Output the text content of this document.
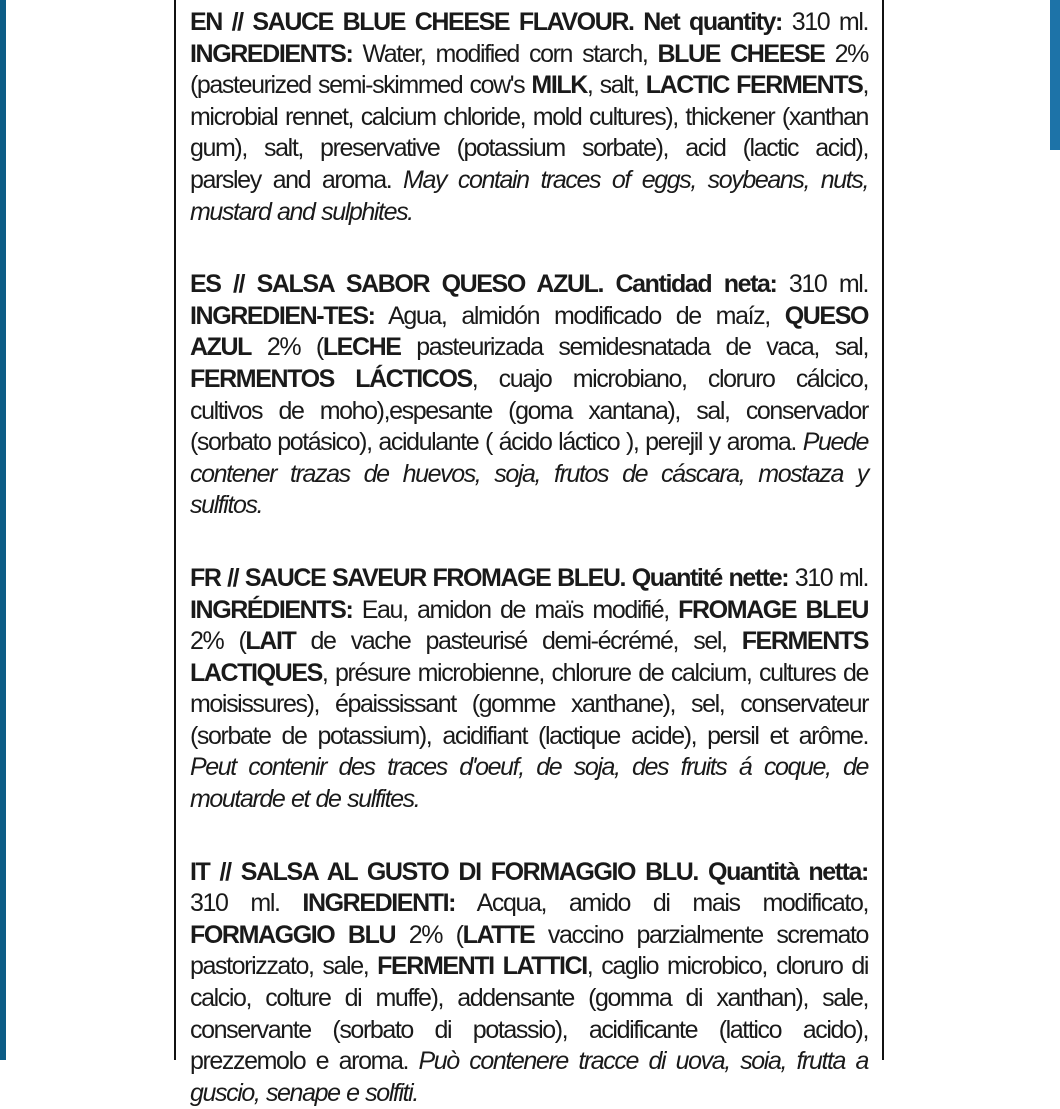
EN // SAUCE BLUE CHEESE FLAVOUR. Net quantity: 310 ml. INGREDIENTS: Water, modified corn starch, BLUE CHEESE 2% (pasteurized semi-skimmed cow's MILK, salt, LACTIC FERMENTS, microbial rennet, calcium chloride, mold cultures), thickener (xanthan gum), salt, preservative (potassium sorbate), acid (lactic acid), parsley and aroma. May contain traces of eggs, soybeans, nuts, mustard and sulphites.

ES // SALSA SABOR QUESO AZUL. Cantidad neta: 310 ml. INGREDIEN-TES: Agua, almidón modificado de maíz, QUESO AZUL 2% (LECHE pasteurizada semidesnatada de vaca, sal, FERMENTOS LÁCTICOS, cuajo microbiano, cloruro cálcico, cultivos de moho),espesante (goma xantana), sal, conservador (sorbato potásico), acidulante ( ácido láctico ), perejil y aroma. Puede contener trazas de huevos, soja, frutos de cáscara, mostaza y sulfitos.

FR // SAUCE SAVEUR FROMAGE BLEU. Quantité nette: 310 ml. INGRÉDIENTS: Eau, amidon de maïs modifié, FROMAGE BLEU 2% (LAIT de vache pasteurisé demi-écrémé, sel, FERMENTS LACTIQUES, présure microbienne, chlorure de calcium, cultures de moisissures), épaississant (gomme xanthane), sel, conservateur (sorbate de potassium), acidifiant (lactique acide), persil et arôme. Peut contenir des traces d'oeuf, de soja, des fruits á coque, de moutarde et de sulfites.

IT // SALSA AL GUSTO DI FORMAGGIO BLU. Quantità netta: 310 ml. INGREDIENTI: Acqua, amido di mais modificato, FORMAGGIO BLU 2% (LATTE vaccino parzialmente scremato pastorizzato, sale, FERMENTI LATTICI, caglio microbico, cloruro di calcio, colture di muffe), addensante (gomma di xanthan), sale, conservante (sorbato di potassio), acidificante (lattico acido), prezzemolo e aroma. Può contenere tracce di uova, soia, frutta a guscio, senape e solfiti.
